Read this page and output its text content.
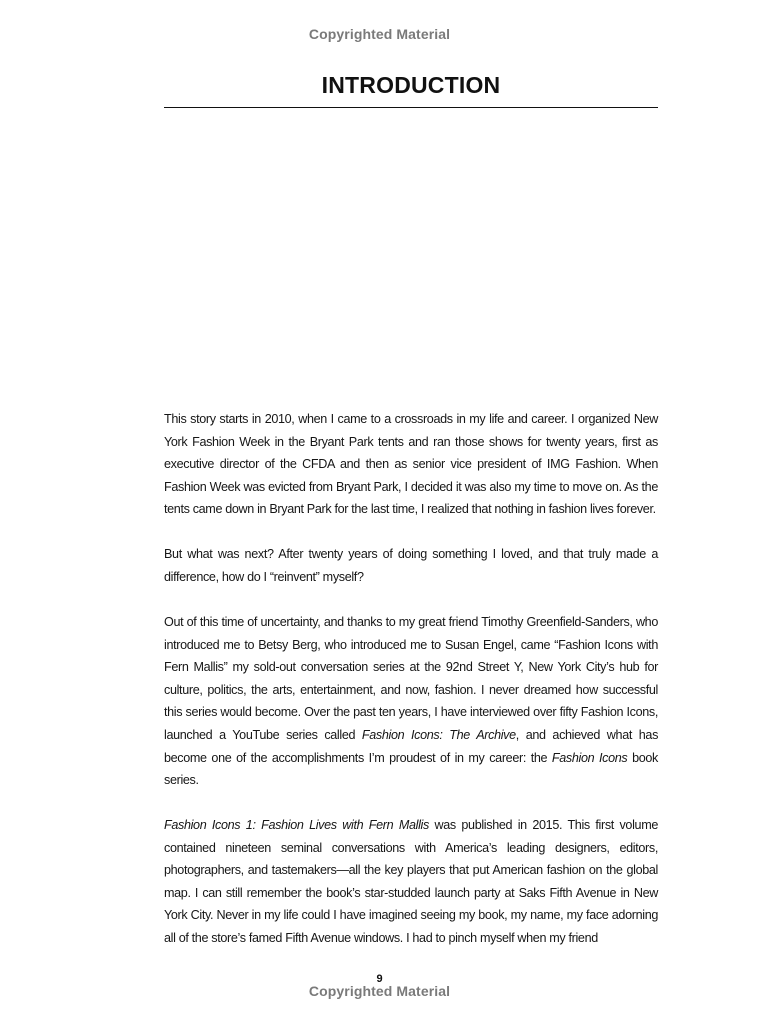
Copyrighted Material
INTRODUCTION

This story starts in 2010, when I came to a crossroads in my life and career. I organized New York Fashion Week in the Bryant Park tents and ran those shows for twenty years, first as executive director of the CFDA and then as senior vice president of IMG Fashion. When Fashion Week was evicted from Bryant Park, I decided it was also my time to move on. As the tents came down in Bryant Park for the last time, I realized that nothing in fashion lives forever.

But what was next? After twenty years of doing something I loved, and that truly made a difference, how do I “reinvent” myself?

Out of this time of uncertainty, and thanks to my great friend Timothy Greenfield-Sanders, who introduced me to Betsy Berg, who introduced me to Susan Engel, came “Fashion Icons with Fern Mallis” my sold-out conversation series at the 92nd Street Y, New York City’s hub for culture, politics, the arts, entertainment, and now, fashion. I never dreamed how successful this series would become. Over the past ten years, I have interviewed over fifty Fashion Icons, launched a YouTube series called Fashion Icons: The Archive, and achieved what has become one of the accomplishments I’m proudest of in my career: the Fashion Icons book series.

Fashion Icons 1: Fashion Lives with Fern Mallis was published in 2015. This first volume contained nineteen seminal conversations with America’s leading designers, editors, photographers, and tastemakers—all the key players that put American fashion on the global map. I can still remember the book’s star-studded launch party at Saks Fifth Avenue in New York City. Never in my life could I have imagined seeing my book, my name, my face adorning all of the store’s famed Fifth Avenue windows. I had to pinch myself when my friend

9
Copyrighted Material
